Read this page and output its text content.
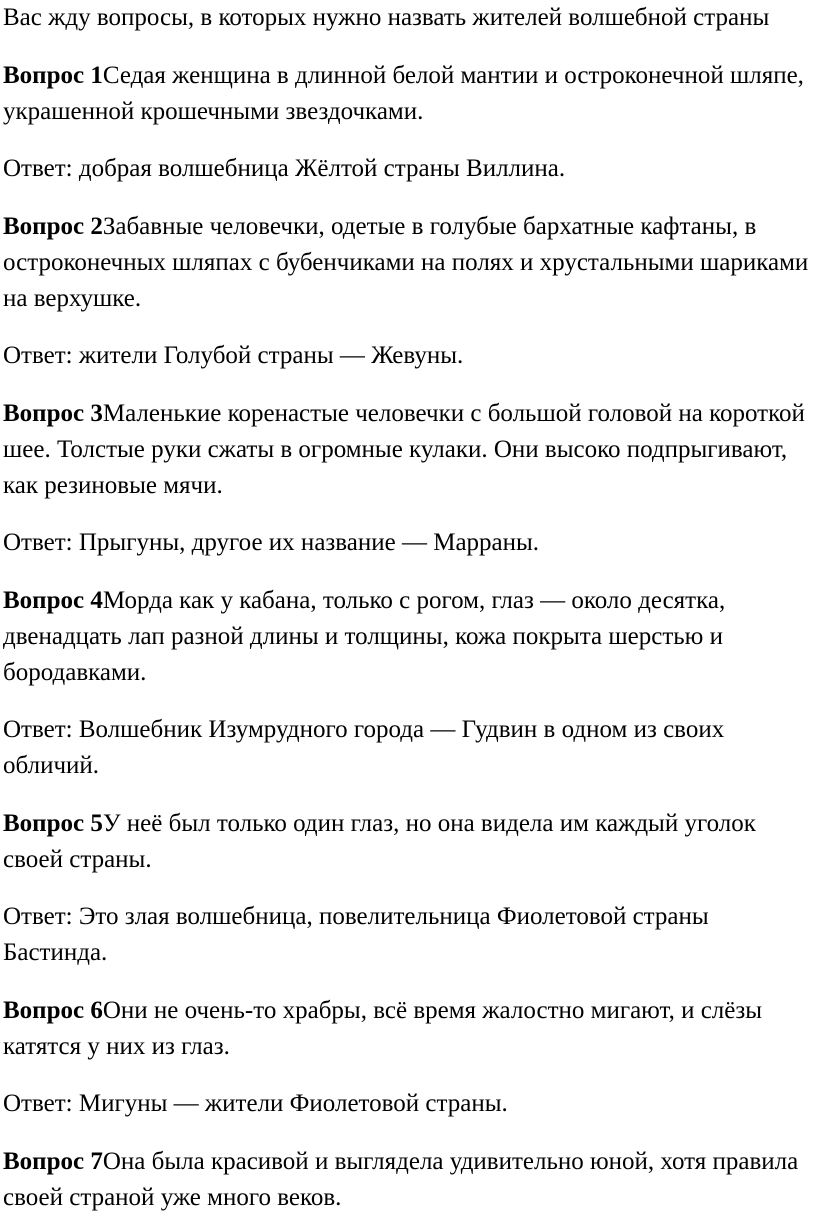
Вас жду вопросы, в которых нужно назвать жителей волшебной страны

Вопрос 1Седая женщина в длинной белой мантии и остроконечной шляпе, украшенной крошечными звездочками.

Ответ: добрая волшебница Жёлтой страны Виллина.

Вопрос 2Забавные человечки, одетые в голубые бархатные кафтаны, в остроконечных шляпах с бубенчиками на полях и хрустальными шариками на верхушке.

Ответ: жители Голубой страны — Жевуны.

Вопрос 3Маленькие коренастые человечки с большой головой на короткой шее. Толстые руки сжаты в огромные кулаки. Они высоко подпрыгивают, как резиновые мячи.

Ответ: Прыгуны, другое их название — Марраны.

Вопрос 4Морда как у кабана, только с рогом, глаз — около десятка, двенадцать лап разной длины и толщины, кожа покрыта шерстью и бородавками.

Ответ: Волшебник Изумрудного города — Гудвин в одном из своих обличий.

Вопрос 5У неё был только один глаз, но она видела им каждый уголок своей страны.

Ответ: Это злая волшебница, повелительница Фиолетовой страны Бастинда.

Вопрос 6Они не очень-то храбры, всё время жалостно мигают, и слёзы катятся у них из глаз.

Ответ: Мигуны — жители Фиолетовой страны.

Вопрос 7Она была красивой и выглядела удивительно юной, хотя правила своей страной уже много веков.
